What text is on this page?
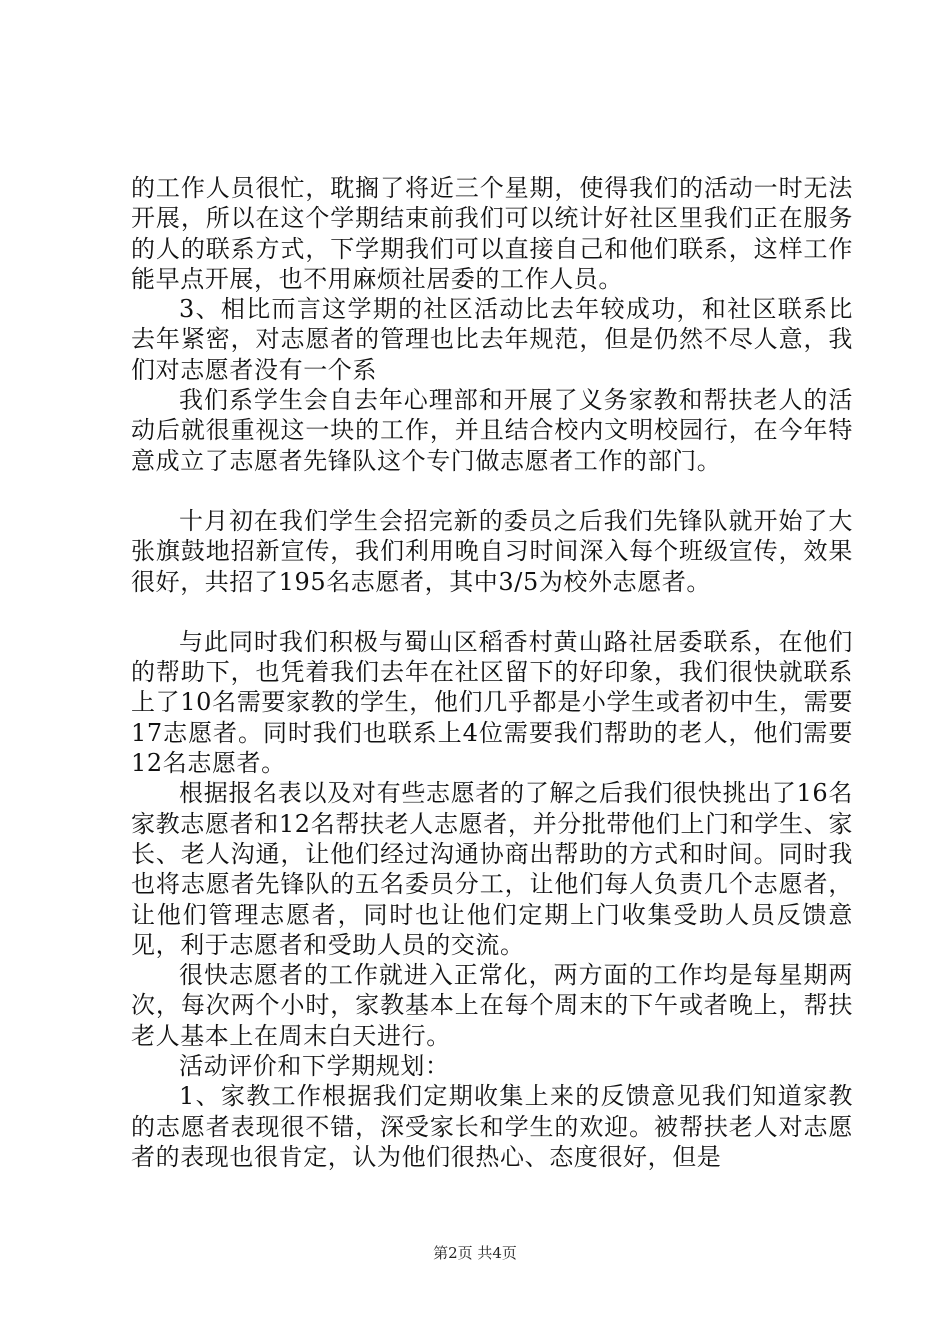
的工作人员很忙，耽搁了将近三个星期，使得我们的活动一时无法开展，所以在这个学期结束前我们可以统计好社区里我们正在服务的人的联系方式，下学期我们可以直接自己和他们联系，这样工作能早点开展，也不用麻烦社居委的工作人员。

3、相比而言这学期的社区活动比去年较成功，和社区联系比去年紧密，对志愿者的管理也比去年规范，但是仍然不尽人意，我们对志愿者没有一个系

我们系学生会自去年心理部和开展了义务家教和帮扶老人的活动后就很重视这一块的工作，并且结合校内文明校园行，在今年特意成立了志愿者先锋队这个专门做志愿者工作的部门。

十月初在我们学生会招完新的委员之后我们先锋队就开始了大张旗鼓地招新宣传，我们利用晚自习时间深入每个班级宣传，效果很好，共招了195名志愿者，其中3/5为校外志愿者。

与此同时我们积极与蜀山区稻香村黄山路社居委联系，在他们的帮助下，也凭着我们去年在社区留下的好印象，我们很快就联系上了10名需要家教的学生，他们几乎都是小学生或者初中生，需要17志愿者。同时我们也联系上4位需要我们帮助的老人，他们需要12名志愿者。

根据报名表以及对有些志愿者的了解之后我们很快挑出了16名家教志愿者和12名帮扶老人志愿者，并分批带他们上门和学生、家长、老人沟通，让他们经过沟通协商出帮助的方式和时间。同时我也将志愿者先锋队的五名委员分工，让他们每人负责几个志愿者，让他们管理志愿者，同时也让他们定期上门收集受助人员反馈意见，利于志愿者和受助人员的交流。

很快志愿者的工作就进入正常化，两方面的工作均是每星期两次，每次两个小时，家教基本上在每个周末的下午或者晚上，帮扶老人基本上在周末白天进行。

活动评价和下学期规划：

1、家教工作根据我们定期收集上来的反馈意见我们知道家教的志愿者表现很不错，深受家长和学生的欢迎。被帮扶老人对志愿者的表现也很肯定，认为他们很热心、态度很好，但是

第2页 共4页
